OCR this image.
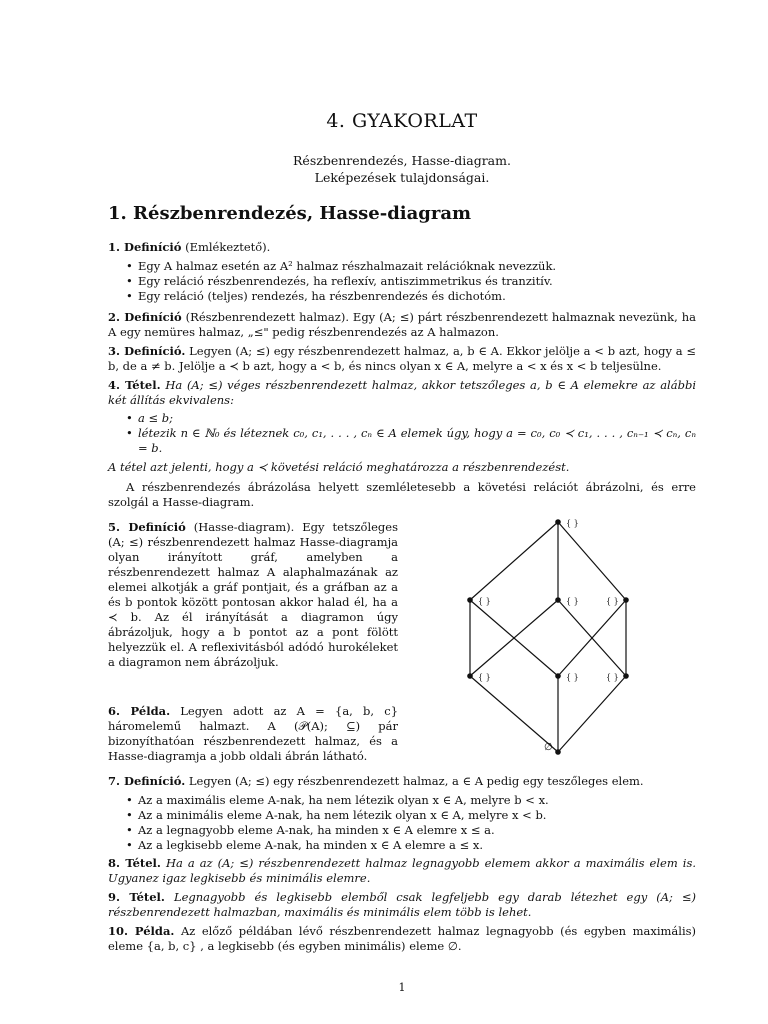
4. GYAKORLAT
Részbenrendezés, Hasse-diagram.
Leképezések tulajdonságai.
1. Részbenrendezés, Hasse-diagram
1. Definíció (Emlékeztető).
• Egy A halmaz esetén az A² halmaz részhalmazait relációknak nevezzük.
• Egy reláció részbenrendezés, ha reflexív, antiszimmetrikus és tranzitív.
• Egy reláció (teljes) rendezés, ha részbenrendezés és dichotóm.
2. Definíció (Részbenrendezett halmaz). Egy (A; ≤) párt részbenrendezett halmaznak nevezünk, ha A egy nemüres halmaz, „≤" pedig részbenrendezés az A halmazon.
3. Definíció. Legyen (A; ≤) egy részbenrendezett halmaz, a, b ∈ A. Ekkor jelölje a < b azt, hogy a ≤ b, de a ≠ b. Jelölje a ≺ b azt, hogy a < b, és nincs olyan x ∈ A, melyre a < x és x < b teljesülne.
4. Tétel. Ha (A; ≤) véges részbenrendezett halmaz, akkor tetszőleges a, b ∈ A elemekre az alábbi két állítás ekvivalens:
• a ≤ b;
• létezik n ∈ ℕ₀ és léteznek c₀, c₁, . . . , cₙ ∈ A elemek úgy, hogy a = c₀, c₀ ≺ c₁, . . . , cₙ₋₁ ≺ cₙ, cₙ = b.
A tétel azt jelenti, hogy a ≺ követési reláció meghatározza a részbenrendezést.
A részbenrendezés ábrázolása helyett szemléletesebb a követési relációt ábrázolni, és erre szolgál a Hasse-diagram.
5. Definíció (Hasse-diagram). Egy tetszőleges (A; ≤) részbenrendezett halmaz Hasse-diagramja olyan irányított gráf, amelyben a részbenrendezett halmaz A alaphalmazának az elemei alkotják a gráf pontjait, és a gráfban az a és b pontok között pontosan akkor halad él, ha a ≺ b. Az él irányítását a diagramon úgy ábrázoljuk, hogy a b pontot az a pont fölött helyezzük el. A reflexivitásból adódó hurokéleket a diagramon nem ábrázoljuk.
6. Példa. Legyen adott az A = {a, b, c} háromelemű halmazt. A (𝒫(A); ⊆) pár bizonyíthatóan részbenrendezett halmaz, és a Hasse-diagramja a jobb oldali ábrán látható.
{ }
{ }	{ }	{ }
{ }	{ }	{ }
∅
7. Definíció. Legyen (A; ≤) egy részbenrendezett halmaz, a ∈ A pedig egy teszőleges elem.
• Az a maximális eleme A-nak, ha nem létezik olyan x ∈ A, melyre b < x.
• Az a minimális eleme A-nak, ha nem létezik olyan x ∈ A, melyre x < b.
• Az a legnagyobb eleme A-nak, ha minden x ∈ A elemre x ≤ a.
• Az a legkisebb eleme A-nak, ha minden x ∈ A elemre a ≤ x.
8. Tétel. Ha a az (A; ≤) részbenrendezett halmaz legnagyobb elemem akkor a maximális elem is. Ugyanez igaz legkisebb és minimális elemre.
9. Tétel. Legnagyobb és legkisebb elemből csak legfeljebb egy darab létezhet egy (A; ≤) részbenrendezett halmazban, maximális és minimális elem több is lehet.
10. Példa. Az előző példában lévő részbenrendezett halmaz legnagyobb (és egyben maximális) eleme {a, b, c} , a legkisebb (és egyben minimális) eleme ∅.
1
